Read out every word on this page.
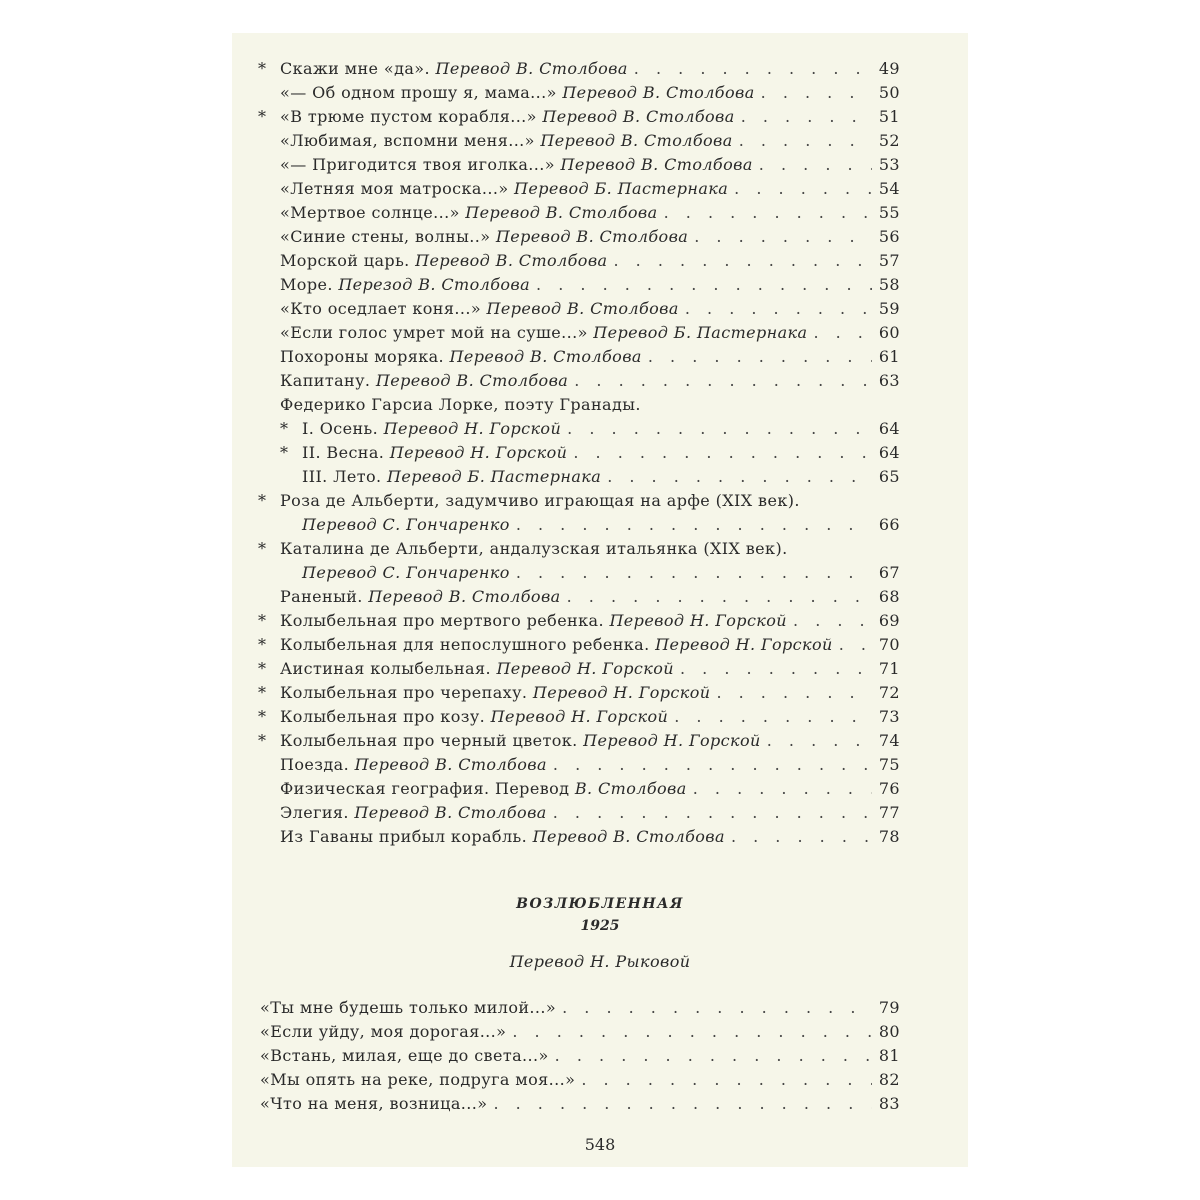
* Скажи мне «да». Перевод В. Столбова . . .	49
«— Об одном прошу я, мама...» Перевод В. Столбова . . .	50
* «В трюме пустом корабля...» Перевод В. Столбова . . .	51
«Любимая, вспомни меня...» Перевод В. Столбова . . .	52
«— Пригодится твоя иголка...» Перевод В. Столбова . . .	53
«Летняя моя матроска...» Перевод Б. Пастернака . . .	54
«Мертвое солнце...» Перевод В. Столбова . . .	55
«Синие стены, волны..» Перевод В. Столбова . . .	56
Морской царь. Перевод В. Столбова . . .	57
Море. Перезод В. Столбова . . .	58
«Кто оседлает коня...» Перевод В. Столбова . . .	59
«Если голос умрет мой на суше...» Перевод Б. Пастернака . . .	60
Похороны моряка. Перевод В. Столбова . . .	61
Капитану. Перевод В. Столбова . . .	63
Федерико Гарсиа Лорке, поэту Гранады.
* I. Осень. Перевод Н. Горской . . .	64
* II. Весна. Перевод Н. Горской . . .	64
III. Лето. Перевод Б. Пастернака . . .	65
* Роза де Альберти, задумчиво играющая на арфе (XIX век).
Перевод С. Гончаренко . . .	66
* Каталина де Альберти, андалузская итальянка (XIX век).
Перевод С. Гончаренко . . .	67
Раненый. Перевод В. Столбова . . .	68
* Колыбельная про мертвого ребенка. Перевод Н. Горской . . .	69
* Колыбельная для непослушного ребенка. Перевод Н. Горской . . .	70
* Аистиная колыбельная. Перевод Н. Горской . . .	71
* Колыбельная про черепаху. Перевод Н. Горской . . .	72
* Колыбельная про козу. Перевод Н. Горской . . .	73
* Колыбельная про черный цветок. Перевод Н. Горской . . .	74
Поезда. Перевод В. Столбова . . .	75
Физическая география. Перевод В. Столбова . . .	76
Элегия. Перевод В. Столбова . . .	77
Из Гаваны прибыл корабль. Перевод В. Столбова . . .	78
ВОЗЛЮБЛЕННАЯ
1925
Перевод Н. Рыковой
«Ты мне будешь только милой...» . . .	79
«Если уйду, моя дорогая...» . . .	80
«Встань, милая, еще до света...» . . .	81
«Мы опять на реке, подруга моя...» . . .	82
«Что на меня, возница...» . . .	83
548
